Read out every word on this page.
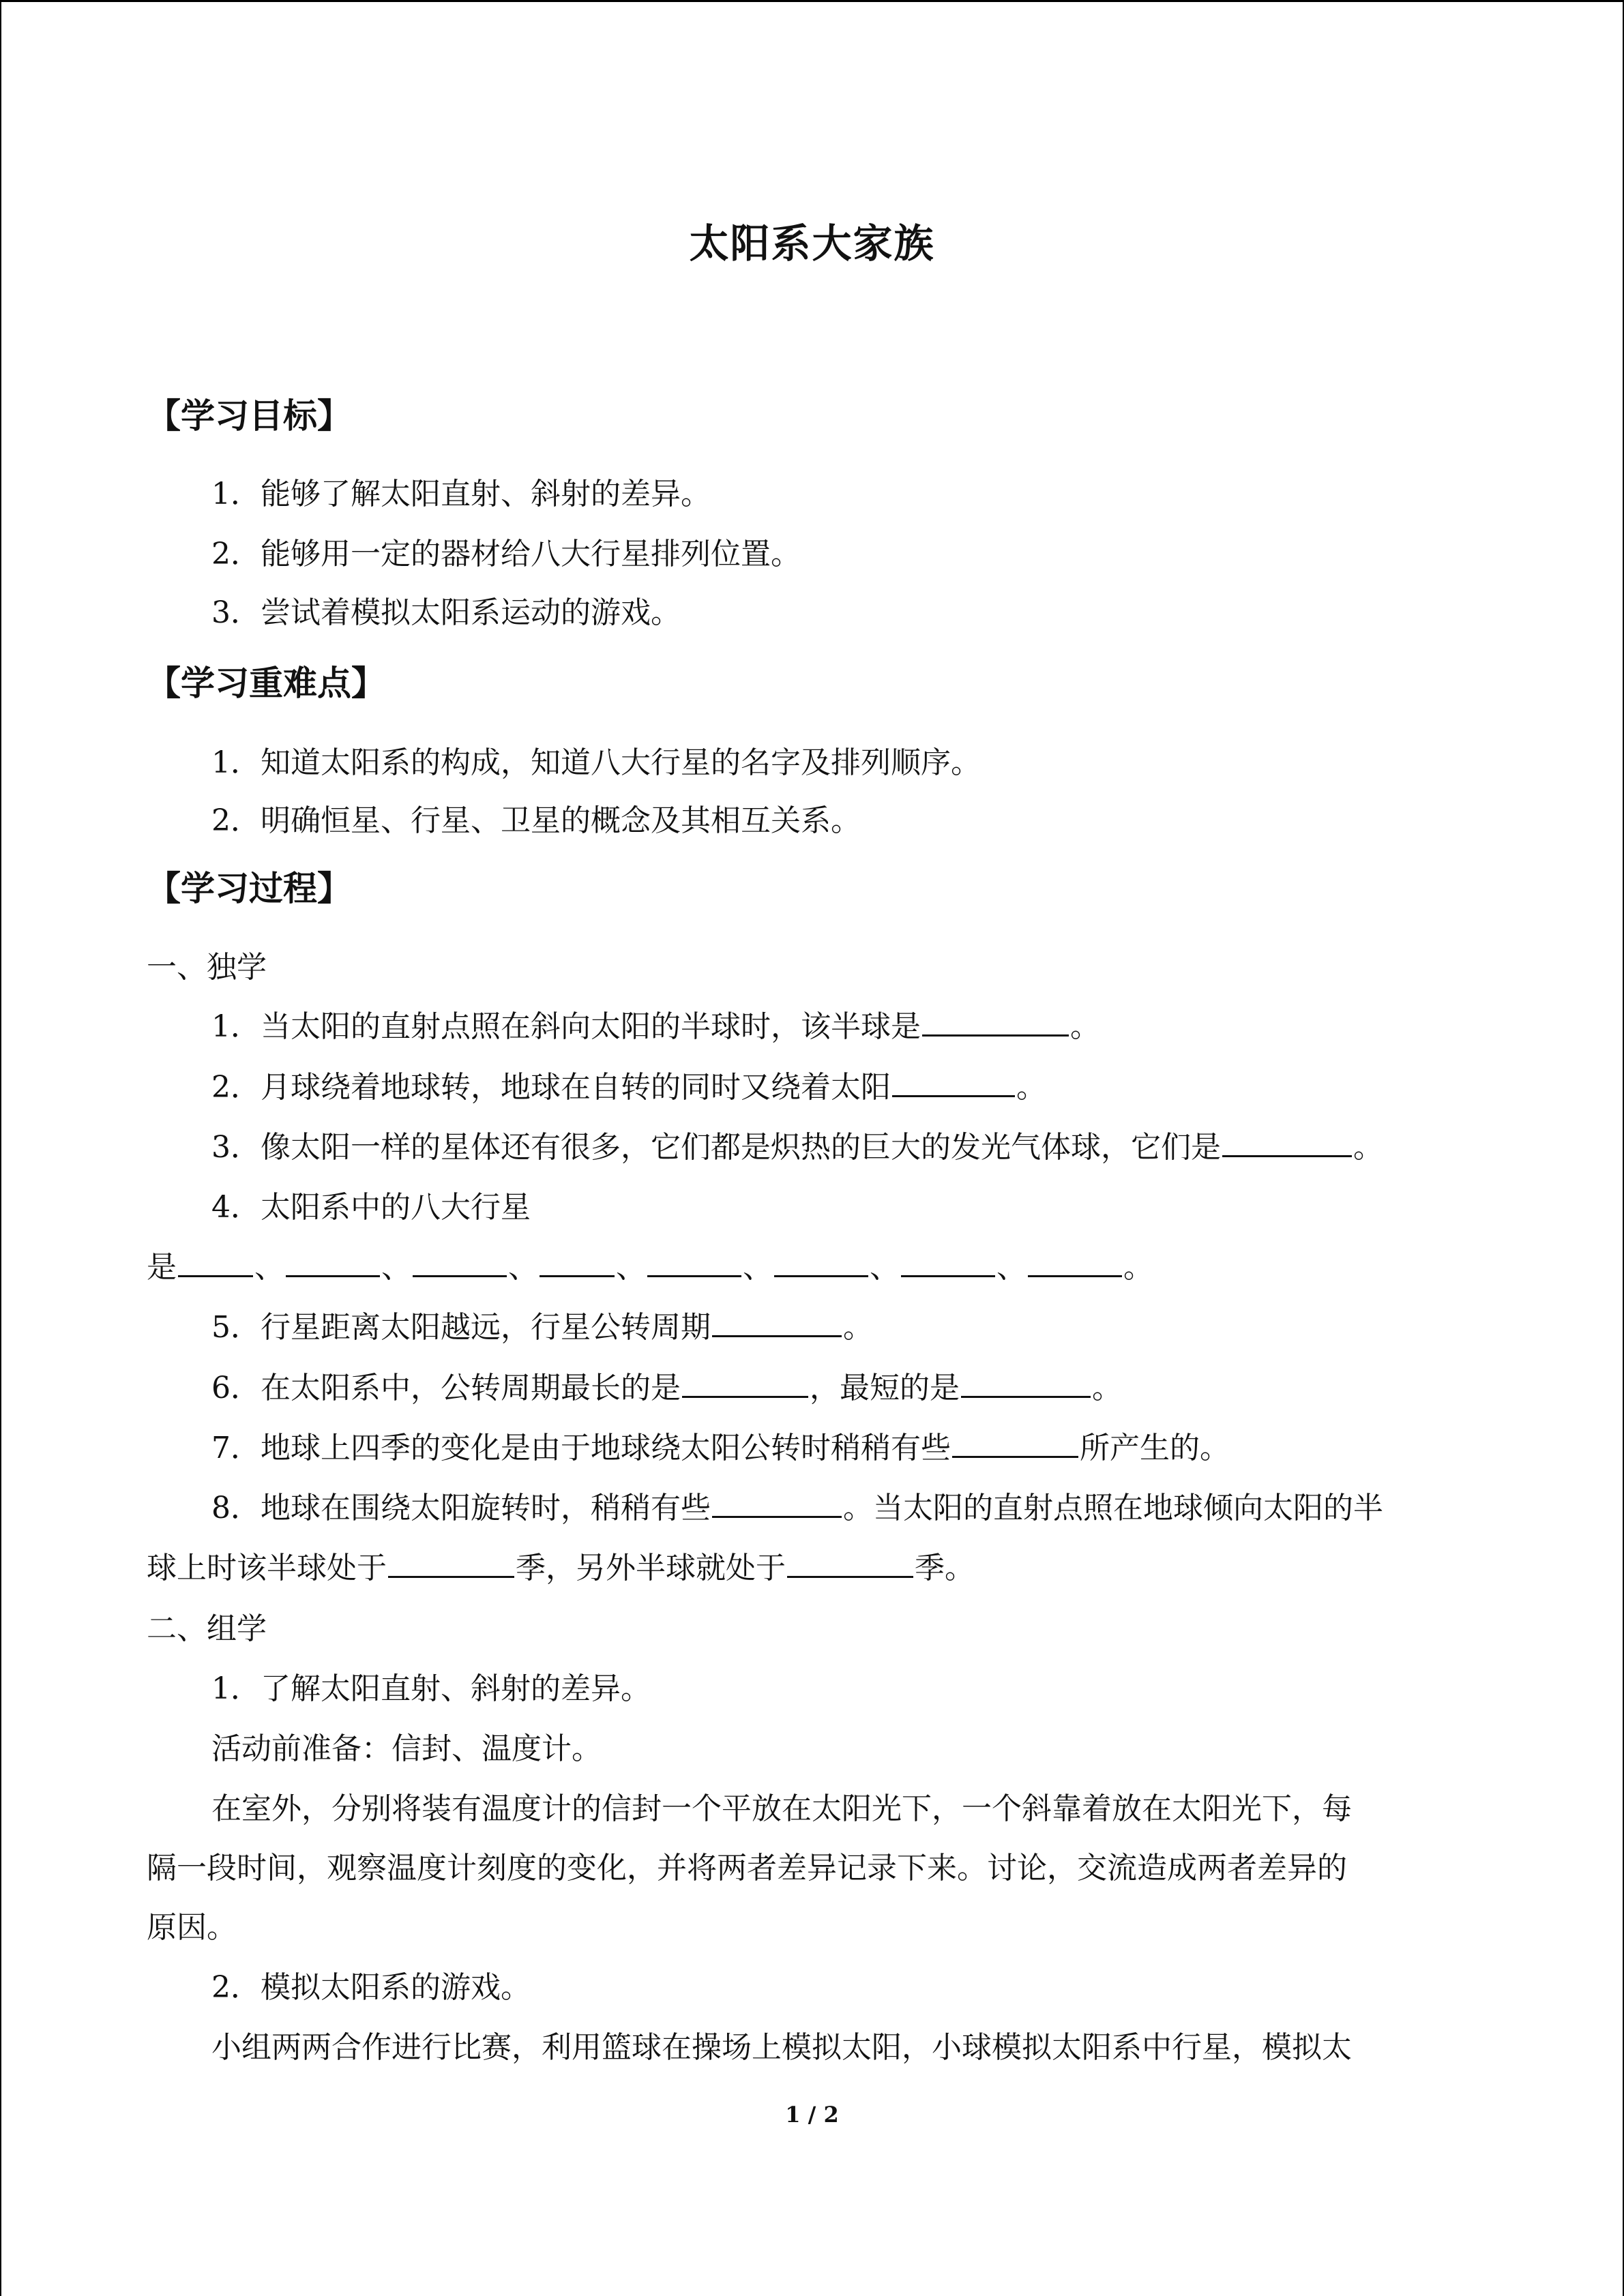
太阳系大家族
【学习目标】
1．能够了解太阳直射、斜射的差异。
2．能够用一定的器材给八大行星排列位置。
3．尝试着模拟太阳系运动的游戏。
【学习重难点】
1．知道太阳系的构成，知道八大行星的名字及排列顺序。
2．明确恒星、行星、卫星的概念及其相互关系。
【学习过程】
一、独学
1．当太阳的直射点照在斜向太阳的半球时，该半球是	。
2．月球绕着地球转，地球在自转的同时又绕着太阳	。
3．像太阳一样的星体还有很多，它们都是炽热的巨大的发光气体球，它们是	。
4．太阳系中的八大行星
是	、	、	、	、	、	、	、	。
5．行星距离太阳越远，行星公转周期	。
6．在太阳系中，公转周期最长的是	，最短的是	。
7．地球上四季的变化是由于地球绕太阳公转时稍稍有些	所产生的。
8．地球在围绕太阳旋转时，稍稍有些	。当太阳的直射点照在地球倾向太阳的半
球上时该半球处于	季，另外半球就处于	季。
二、组学
1．了解太阳直射、斜射的差异。
活动前准备：信封、温度计。
在室外，分别将装有温度计的信封一个平放在太阳光下，一个斜靠着放在太阳光下，每
隔一段时间，观察温度计刻度的变化，并将两者差异记录下来。讨论，交流造成两者差异的
原因。
2．模拟太阳系的游戏。
小组两两合作进行比赛，利用篮球在操场上模拟太阳，小球模拟太阳系中行星，模拟太
1 / 2
